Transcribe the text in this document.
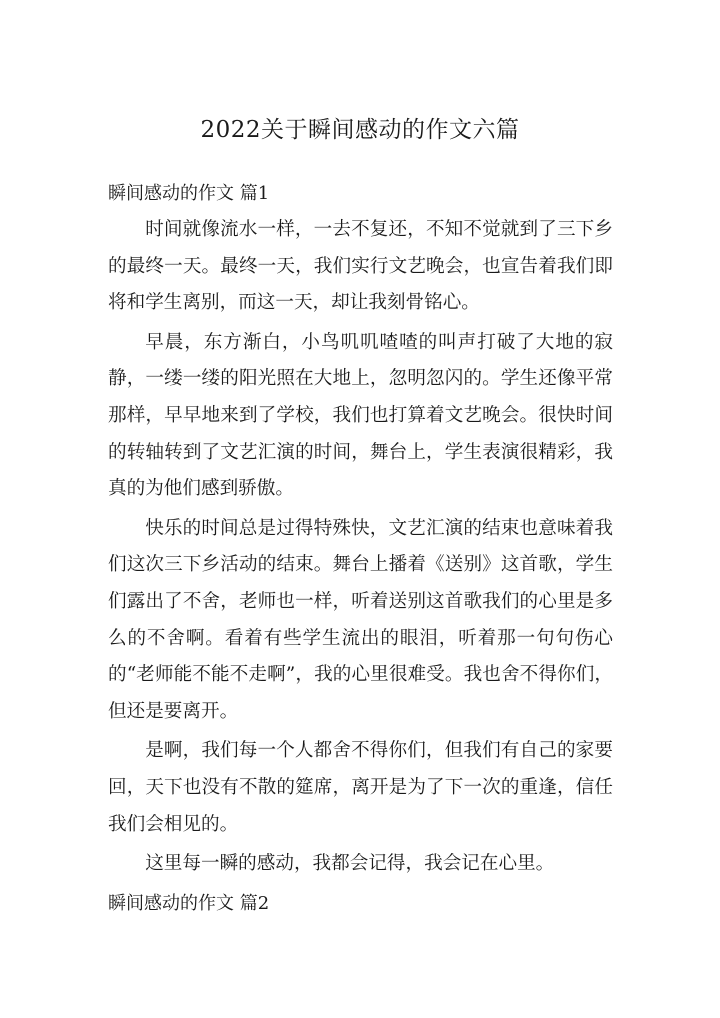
2022关于瞬间感动的作文六篇
瞬间感动的作文 篇1

时间就像流水一样，一去不复还，不知不觉就到了三下乡的最终一天。最终一天，我们实行文艺晚会，也宣告着我们即将和学生离别，而这一天，却让我刻骨铭心。

早晨，东方渐白，小鸟叽叽喳喳的叫声打破了大地的寂静，一缕一缕的阳光照在大地上，忽明忽闪的。学生还像平常那样，早早地来到了学校，我们也打算着文艺晚会。很快时间的转轴转到了文艺汇演的时间，舞台上，学生表演很精彩，我真的为他们感到骄傲。

快乐的时间总是过得特殊快，文艺汇演的结束也意味着我们这次三下乡活动的结束。舞台上播着《送别》这首歌，学生们露出了不舍，老师也一样，听着送别这首歌我们的心里是多么的不舍啊。看着有些学生流出的眼泪，听着那一句句伤心的“老师能不能不走啊”，我的心里很难受。我也舍不得你们，但还是要离开。

是啊，我们每一个人都舍不得你们，但我们有自己的家要回，天下也没有不散的筵席，离开是为了下一次的重逢，信任我们会相见的。

这里每一瞬的感动，我都会记得，我会记在心里。

瞬间感动的作文 篇2
